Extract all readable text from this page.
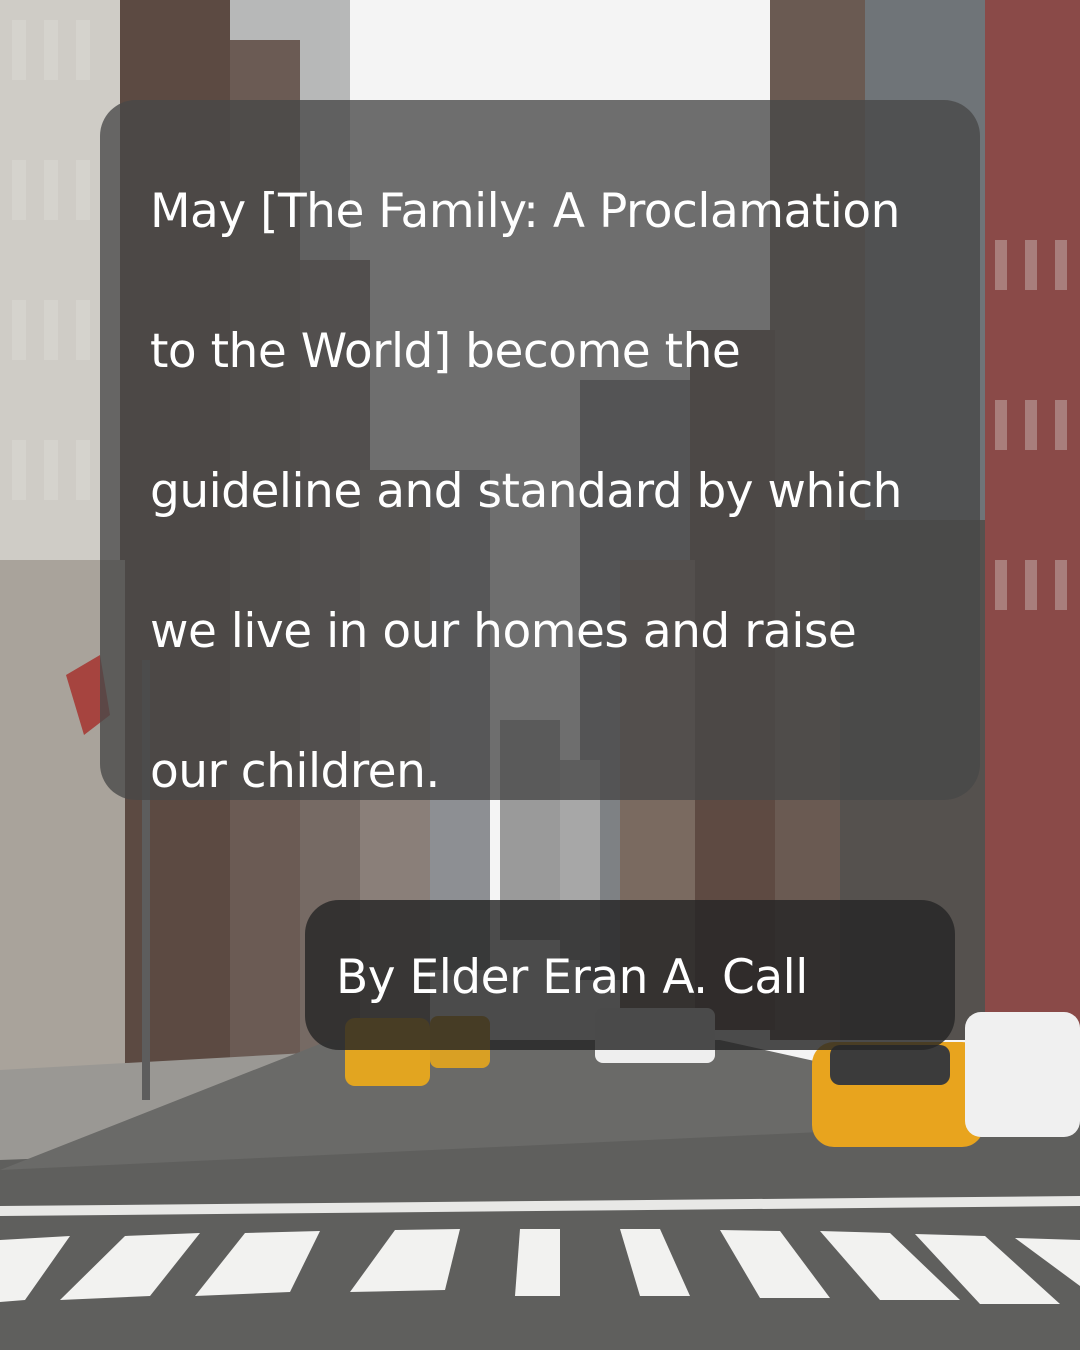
May [The Family: A Proclamation
to the World] become the
guideline and standard by which
we live in our homes and raise
our children.

By Elder Eran A. Call
